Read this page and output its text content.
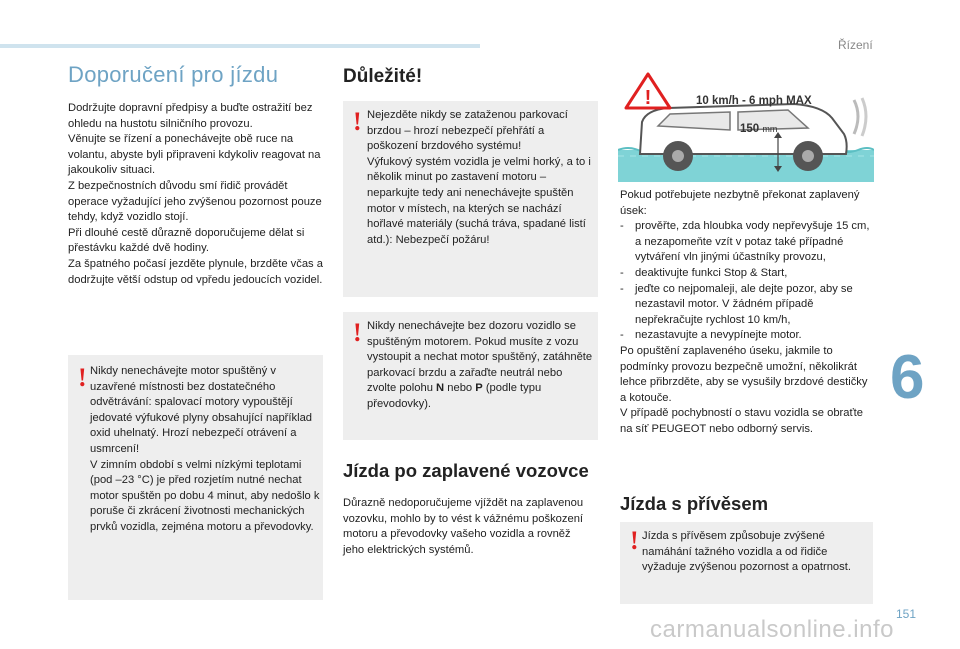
Řízení
Doporučení pro jízdu

Dodržujte dopravní předpisy a buďte ostražití bez ohledu na hustotu silničního provozu.

Věnujte se řízení a ponechávejte obě ruce na volantu, abyste byli připraveni kdykoliv reagovat na jakoukoliv situaci.

Z bezpečnostních důvodu smí řidič provádět operace vyžadující jeho zvýšenou pozornost pouze tehdy, když vozidlo stojí.

Při dlouhé cestě důrazně doporučujeme dělat si přestávku každé dvě hodiny.

Za špatného počasí jezděte plynule, brzděte včas a dodržujte větší odstup od vpředu jedoucích vozidel.

! Nikdy nenechávejte motor spuštěný v uzavřené místnosti bez dostatečného odvětrávání: spalovací motory vypouštějí jedovaté výfukové plyny obsahující například oxid uhelnatý. Hrozí nebezpečí otrávení a usmrcení!

V zimním období s velmi nízkými teplotami (pod –23 °C) je před rozjetím nutné nechat motor spuštěn po dobu 4 minut, aby nedošlo k poruše či zkrácení životnosti mechanických prvků vozidla, zejména motoru a převodovky.

Důležité!
! Nejezděte nikdy se zataženou parkovací brzdou – hrozí nebezpečí přehřátí a poškození brzdového systému!

Výfukový systém vozidla je velmi horký, a to i několik minut po zastavení motoru – neparkujte tedy ani nenechávejte spuštěn motor v místech, na kterých se nachází hořlavé materiály (suchá tráva, spadané listí atd.): Nebezpečí požáru!

! Nikdy nenechávejte bez dozoru vozidlo se spuštěným motorem. Pokud musíte z vozu vystoupit a nechat motor spuštěný, zatáhněte parkovací brzdu a zařaďte neutrál nebo zvolte polohu N nebo P (podle typu převodovky).
Jízda po zaplavené vozovce
Důrazně nedoporučujeme vjíždět na zaplavenou vozovku, mohlo by to vést k vážnému poškození motoru a převodovky vašeho vozidla a rovněž jeho elektrických systémů.
!	10 km/h - 6 mph MAX
150 mm

Pokud potřebujete nezbytně překonat zaplavený úsek:

- prověřte, zda hloubka vody nepřevyšuje 15 cm, a nezapomeňte vzít v potaz také případné vytváření vln jinými účastníky provozu,
- deaktivujte funkci Stop & Start,
- jeďte co nejpomaleji, ale dejte pozor, aby se nezastavil motor. V žádném případě nepřekračujte rychlost 10 km/h,
- nezastavujte a nevypínejte motor.

Po opuštění zaplaveného úseku, jakmile to podmínky provozu bezpečně umožní, několikrát lehce přibrzděte, aby se vysušily brzdové destičky a kotouče.

V případě pochybností o stavu vozidla se obraťte na síť PEUGEOT nebo odborný servis.

Jízda s přívěsem
! Jízda s přívěsem způsobuje zvýšené namáhání tažného vozidla a od řidiče vyžaduje zvýšenou pozornost a opatrnost.
6
151
carmanualsonline.info
